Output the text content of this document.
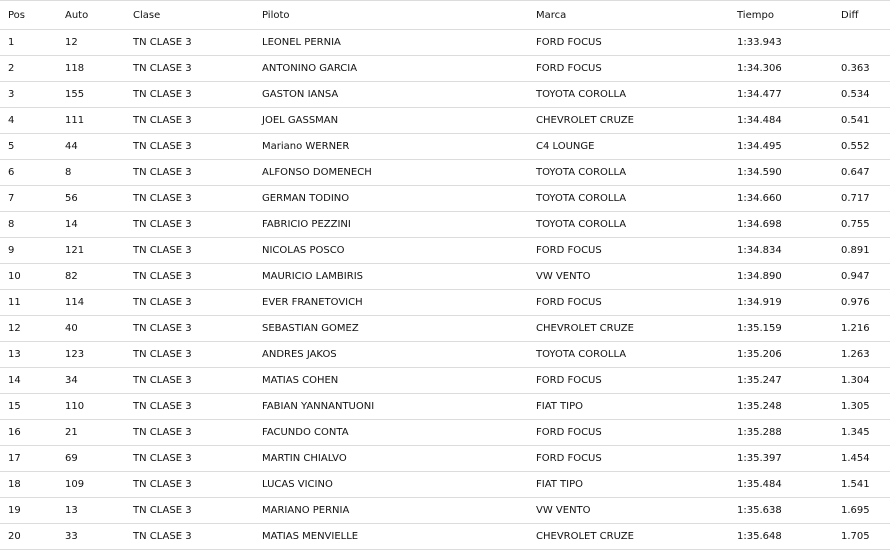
Pos	Auto	Clase	Piloto	Marca	Tiempo	Diff
1	12	TN CLASE 3	LEONEL PERNIA	FORD FOCUS	1:33.943	
2	118	TN CLASE 3	ANTONINO GARCIA	FORD FOCUS	1:34.306	0.363
3	155	TN CLASE 3	GASTON IANSA	TOYOTA COROLLA	1:34.477	0.534
4	111	TN CLASE 3	JOEL GASSMAN	CHEVROLET CRUZE	1:34.484	0.541
5	44	TN CLASE 3	Mariano WERNER	C4 LOUNGE	1:34.495	0.552
6	8	TN CLASE 3	ALFONSO DOMENECH	TOYOTA COROLLA	1:34.590	0.647
7	56	TN CLASE 3	GERMAN TODINO	TOYOTA COROLLA	1:34.660	0.717
8	14	TN CLASE 3	FABRICIO PEZZINI	TOYOTA COROLLA	1:34.698	0.755
9	121	TN CLASE 3	NICOLAS POSCO	FORD FOCUS	1:34.834	0.891
10	82	TN CLASE 3	MAURICIO LAMBIRIS	VW VENTO	1:34.890	0.947
11	114	TN CLASE 3	EVER FRANETOVICH	FORD FOCUS	1:34.919	0.976
12	40	TN CLASE 3	SEBASTIAN GOMEZ	CHEVROLET CRUZE	1:35.159	1.216
13	123	TN CLASE 3	ANDRES JAKOS	TOYOTA COROLLA	1:35.206	1.263
14	34	TN CLASE 3	MATIAS COHEN	FORD FOCUS	1:35.247	1.304
15	110	TN CLASE 3	FABIAN YANNANTUONI	FIAT TIPO	1:35.248	1.305
16	21	TN CLASE 3	FACUNDO CONTA	FORD FOCUS	1:35.288	1.345
17	69	TN CLASE 3	MARTIN CHIALVO	FORD FOCUS	1:35.397	1.454
18	109	TN CLASE 3	LUCAS VICINO	FIAT TIPO	1:35.484	1.541
19	13	TN CLASE 3	MARIANO PERNIA	VW VENTO	1:35.638	1.695
20	33	TN CLASE 3	MATIAS MENVIELLE	CHEVROLET CRUZE	1:35.648	1.705
